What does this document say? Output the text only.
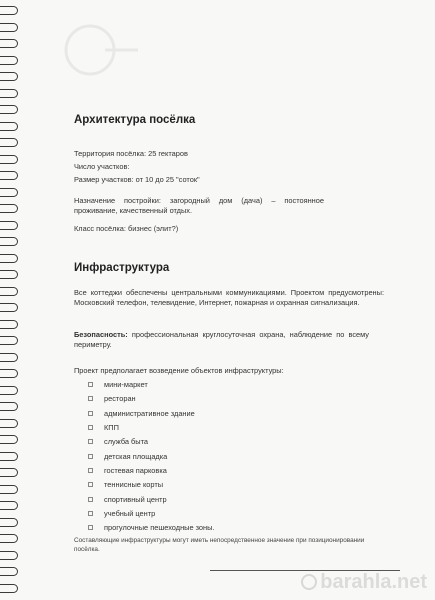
Архитектура посёлка
Территория посёлка: 25 гектаров
Число участков:
Размер участков: от 10 до 25 "соток"
Назначение постройки: загородный дом (дача) – постоянное проживание, качественный отдых.
Класс посёлка: бизнес (элит?)
Инфраструктура
Все коттеджи обеспечены центральными коммуникациями. Проектом предусмотрены: Московский телефон, телевидение, Интернет, пожарная и охранная сигнализация.
Безопасность: профессиональная круглосуточная охрана, наблюдение по всему периметру.
Проект предполагает возведение объектов инфраструктуры:
мини-маркет
ресторан
административное здание
КПП
служба быта
детская площадка
гостевая парковка
теннисные корты
спортивный центр
учебный центр
прогулочные пешеходные зоны.
Составляющие инфраструктуры могут иметь непосредственное значение при позиционировании посёлка.
barahla.net
